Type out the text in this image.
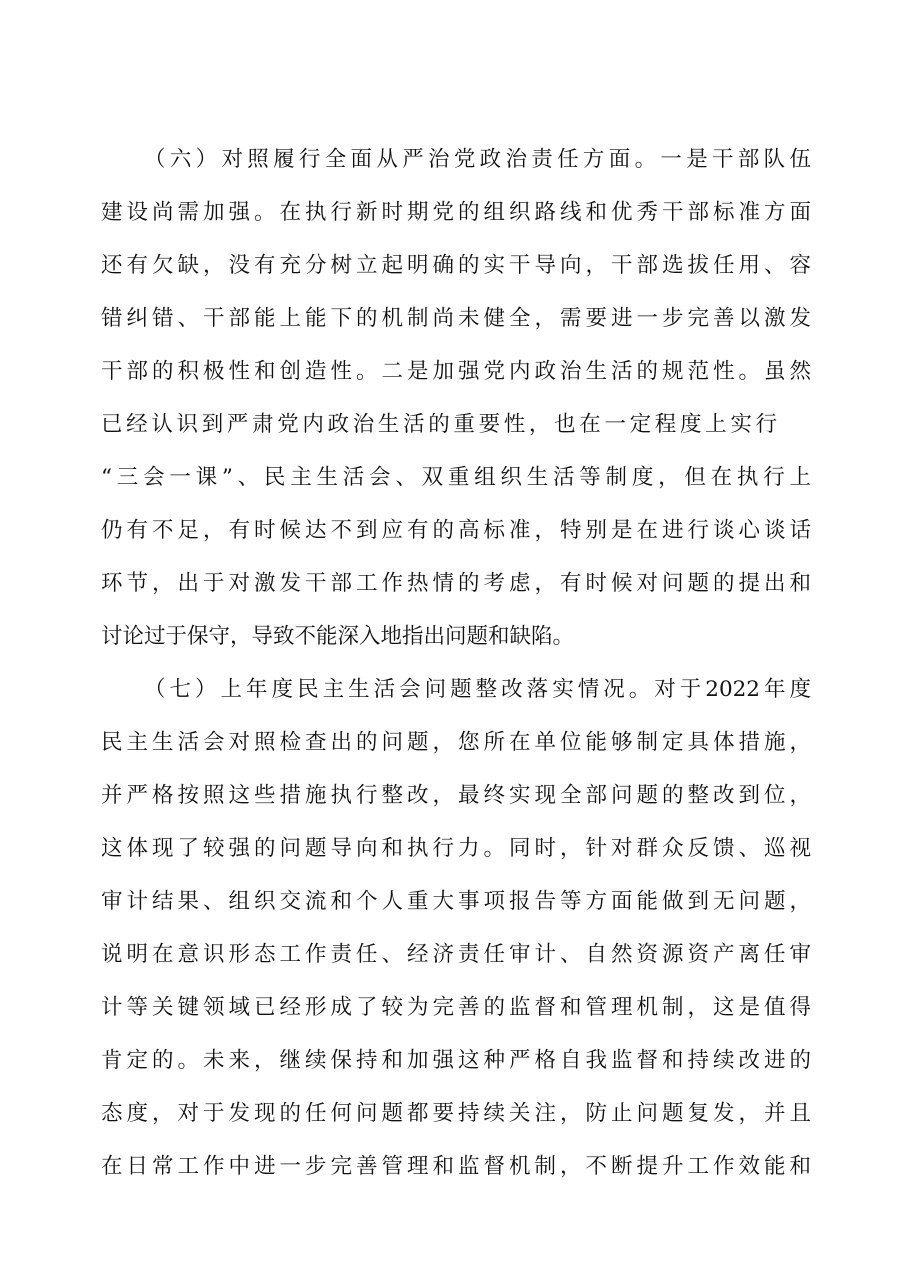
（六）对照履行全面从严治党政治责任方面。一是干部队伍
建设尚需加强。在执行新时期党的组织路线和优秀干部标准方面
还有欠缺，没有充分树立起明确的实干导向，干部选拔任用、容
错纠错、干部能上能下的机制尚未健全，需要进一步完善以激发
干部的积极性和创造性。二是加强党内政治生活的规范性。虽然
已经认识到严肃党内政治生活的重要性，也在一定程度上实行
“三会一课”、民主生活会、双重组织生活等制度，但在执行上
仍有不足，有时候达不到应有的高标准，特别是在进行谈心谈话
环节，出于对激发干部工作热情的考虑，有时候对问题的提出和
讨论过于保守，导致不能深入地指出问题和缺陷。
（七）上年度民主生活会问题整改落实情况。对于2022年度
民主生活会对照检查出的问题，您所在单位能够制定具体措施，
并严格按照这些措施执行整改，最终实现全部问题的整改到位，
这体现了较强的问题导向和执行力。同时，针对群众反馈、巡视
审计结果、组织交流和个人重大事项报告等方面能做到无问题，
说明在意识形态工作责任、经济责任审计、自然资源资产离任审
计等关键领域已经形成了较为完善的监督和管理机制，这是值得
肯定的。未来，继续保持和加强这种严格自我监督和持续改进的
态度，对于发现的任何问题都要持续关注，防止问题复发，并且
在日常工作中进一步完善管理和监督机制，不断提升工作效能和
